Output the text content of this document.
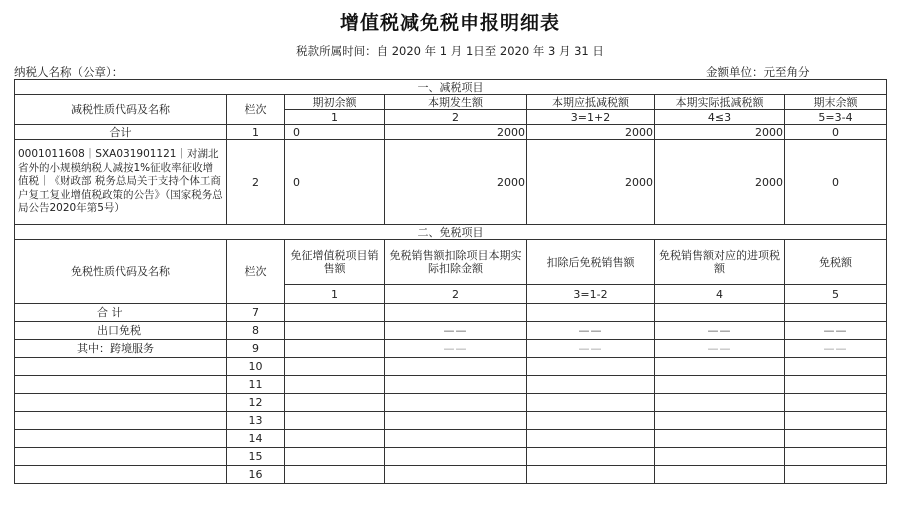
增值税减免税申报明细表
税款所属时间：自 2020 年 1 月 1日至 2020 年 3 月 31 日
纳税人名称（公章）：	金额单位：元至角分
一、减税项目						
减税性质代码及名称	栏次	期初余额	本期发生额	本期应抵减税额	本期实际抵减税额	期末余额
		1	2	3=1+2	4≤3	5=3-4
合计	1	0	2000	2000	2000	0
0001011608｜SXA031901121｜对湖北省外的小规模纳税人减按1%征收率征收增值税｜《财政部 税务总局关于支持个体工商户复工复业增值税政策的公告》（国家税务总局公告2020年第5号）	2	0	2000	2000	2000	0
二、免税项目						
免税性质代码及名称	栏次	免征增值税项目销售额	免税销售额扣除项目本期实际扣除金额	扣除后免税销售额	免税销售额对应的进项税额	免税额
		1	2	3=1-2	4	5
合 计	7					
出口免税	8		——	——	——	——
其中：跨境服务	9		——	——	——	——
	10					
	11					
	12					
	13					
	14					
	15					
	16					
